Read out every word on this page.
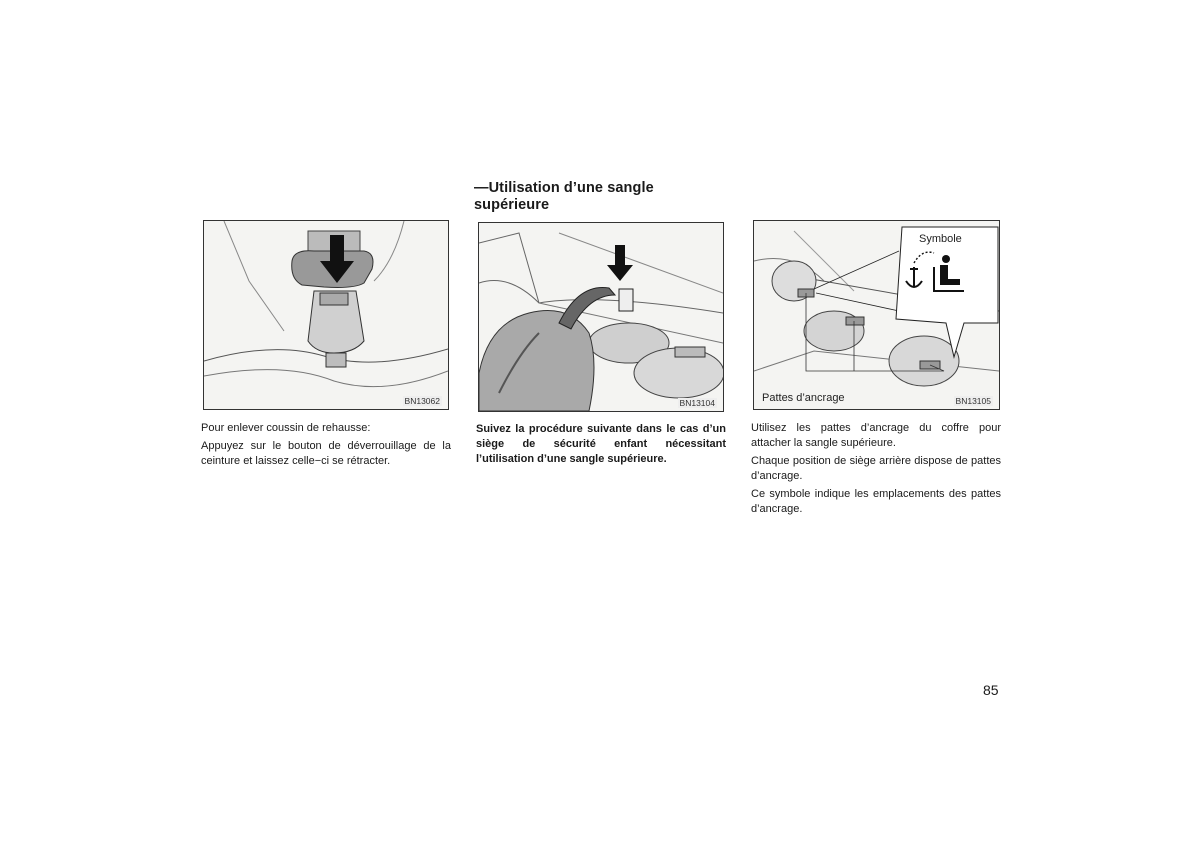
—Utilisation d’une sangle supérieure
BN13062	BN13104
Symbole
Pattes d’ancrage	BN13105

Pour enlever coussin de rehausse:

Appuyez sur le bouton de déverrouillage de la ceinture et laissez celle−ci se rétracter.

Suivez la procédure suivante dans le cas d’un siège de sécurité enfant nécessitant l’utilisation d’une sangle supérieure.

Utilisez les pattes d’ancrage du coffre pour attacher la sangle supérieure.

Chaque position de siège arrière dispose de pattes d’ancrage.

Ce symbole indique les emplacements des pattes d’ancrage.

85
